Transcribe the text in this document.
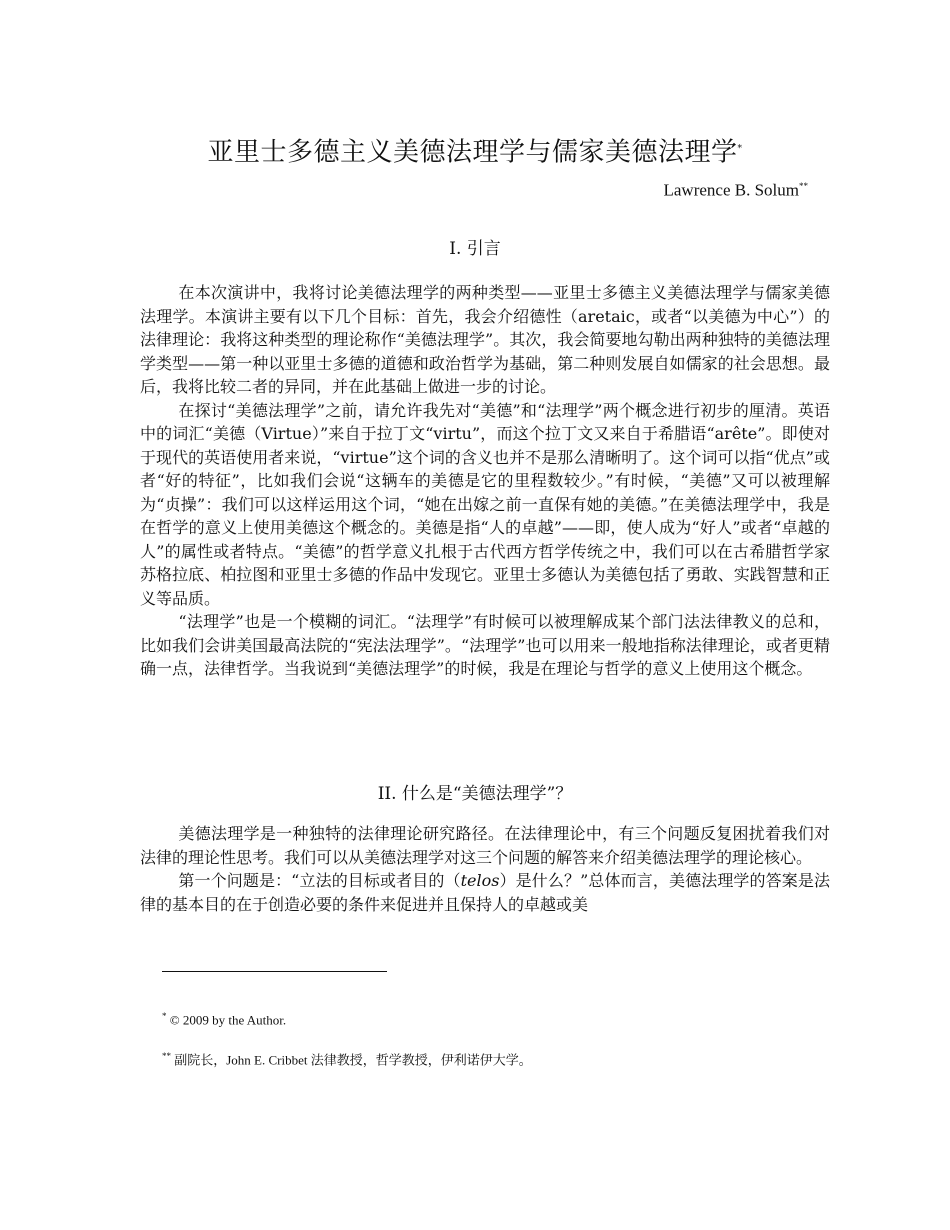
亚里士多德主义美德法理学与儒家美德法理学*
Lawrence B. Solum**
I. 引言

在本次演讲中，我将讨论美德法理学的两种类型——亚里士多德主义美德法理学与儒家美德法理学。本演讲主要有以下几个目标：首先，我会介绍德性（aretaic，或者“以美德为中心”）的法律理论：我将这种类型的理论称作“美德法理学”。其次，我会简要地勾勒出两种独特的美德法理学类型——第一种以亚里士多德的道德和政治哲学为基础，第二种则发展自如儒家的社会思想。最后，我将比较二者的异同，并在此基础上做进一步的讨论。

在探讨“美德法理学”之前，请允许我先对“美德”和“法理学”两个概念进行初步的厘清。英语中的词汇“美德（Virtue）”来自于拉丁文“virtu”，而这个拉丁文又来自于希腊语“arête”。即使对于现代的英语使用者来说，“virtue”这个词的含义也并不是那么清晰明了。这个词可以指“优点”或者“好的特征”，比如我们会说“这辆车的美德是它的里程数较少。”有时候，“美德”又可以被理解为“贞操”：我们可以这样运用这个词，“她在出嫁之前一直保有她的美德。”在美德法理学中，我是在哲学的意义上使用美德这个概念的。美德是指“人的卓越”——即，使人成为“好人”或者“卓越的人”的属性或者特点。“美德”的哲学意义扎根于古代西方哲学传统之中，我们可以在古希腊哲学家苏格拉底、柏拉图和亚里士多德的作品中发现它。亚里士多德认为美德包括了勇敢、实践智慧和正义等品质。

“法理学”也是一个模糊的词汇。“法理学”有时候可以被理解成某个部门法法律教义的总和，比如我们会讲美国最高法院的“宪法法理学”。“法理学”也可以用来一般地指称法律理论，或者更精确一点，法律哲学。当我说到“美德法理学”的时候，我是在理论与哲学的意义上使用这个概念。

II. 什么是“美德法理学”？

美德法理学是一种独特的法律理论研究路径。在法律理论中，有三个问题反复困扰着我们对法律的理论性思考。我们可以从美德法理学对这三个问题的解答来介绍美德法理学的理论核心。

第一个问题是：“立法的目标或者目的（telos）是什么？”总体而言，美德法理学的答案是法律的基本目的在于创造必要的条件来促进并且保持人的卓越或美

* © 2009 by the Author.
** 副院长，John E. Cribbet 法律教授，哲学教授，伊利诺伊大学。
